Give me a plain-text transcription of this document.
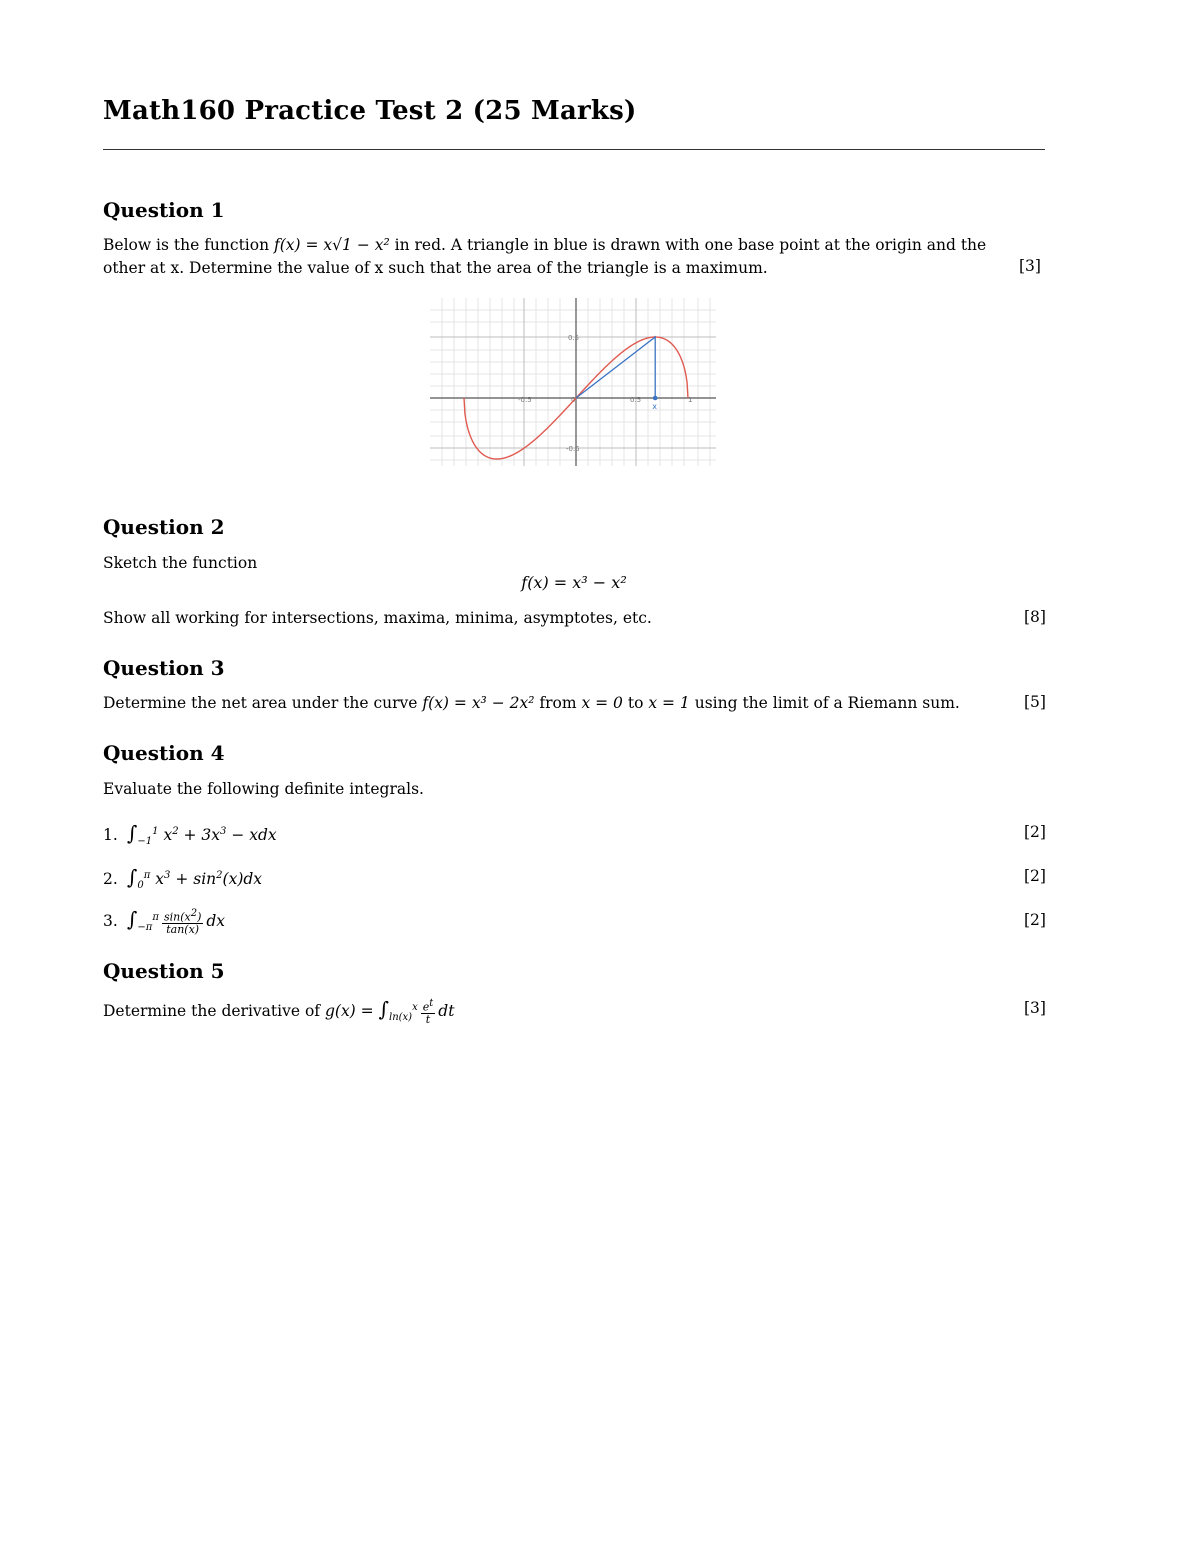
Math160 Practice Test 2 (25 Marks)
Question 1
Below is the function f(x) = x√1 − x² in red. A triangle in blue is drawn with one base point at the origin and the
other at x. Determine the value of x such that the area of the triangle is a maximum.	[3]
0.5
-0.5
-0.5	0.5	1
0
x
Question 2
Sketch the function
f(x) = x³ − x²
Show all working for intersections, maxima, minima, asymptotes, etc.	[8]
Question 3
Determine the net area under the curve f(x) = x³ − 2x² from x = 0 to x = 1 using the limit of a Riemann sum.	[5]
Question 4
Evaluate the following definite integrals.
1. $\int_{-1}^1$ $x^2 + 3x^3$ − xdx	[2]
2. $\int_0^\pi$ $x^3 + \sin^2(x)dx$	[2]
3. $\int_{-\pi}^\pi \frac{\sin(x^2)}{\tan(x)}$ dx	[2]
Question 5
Determine the derivative of $g(x) = \int_{ln(x)}^x \frac{e^t}{t}$ dt	[3]
